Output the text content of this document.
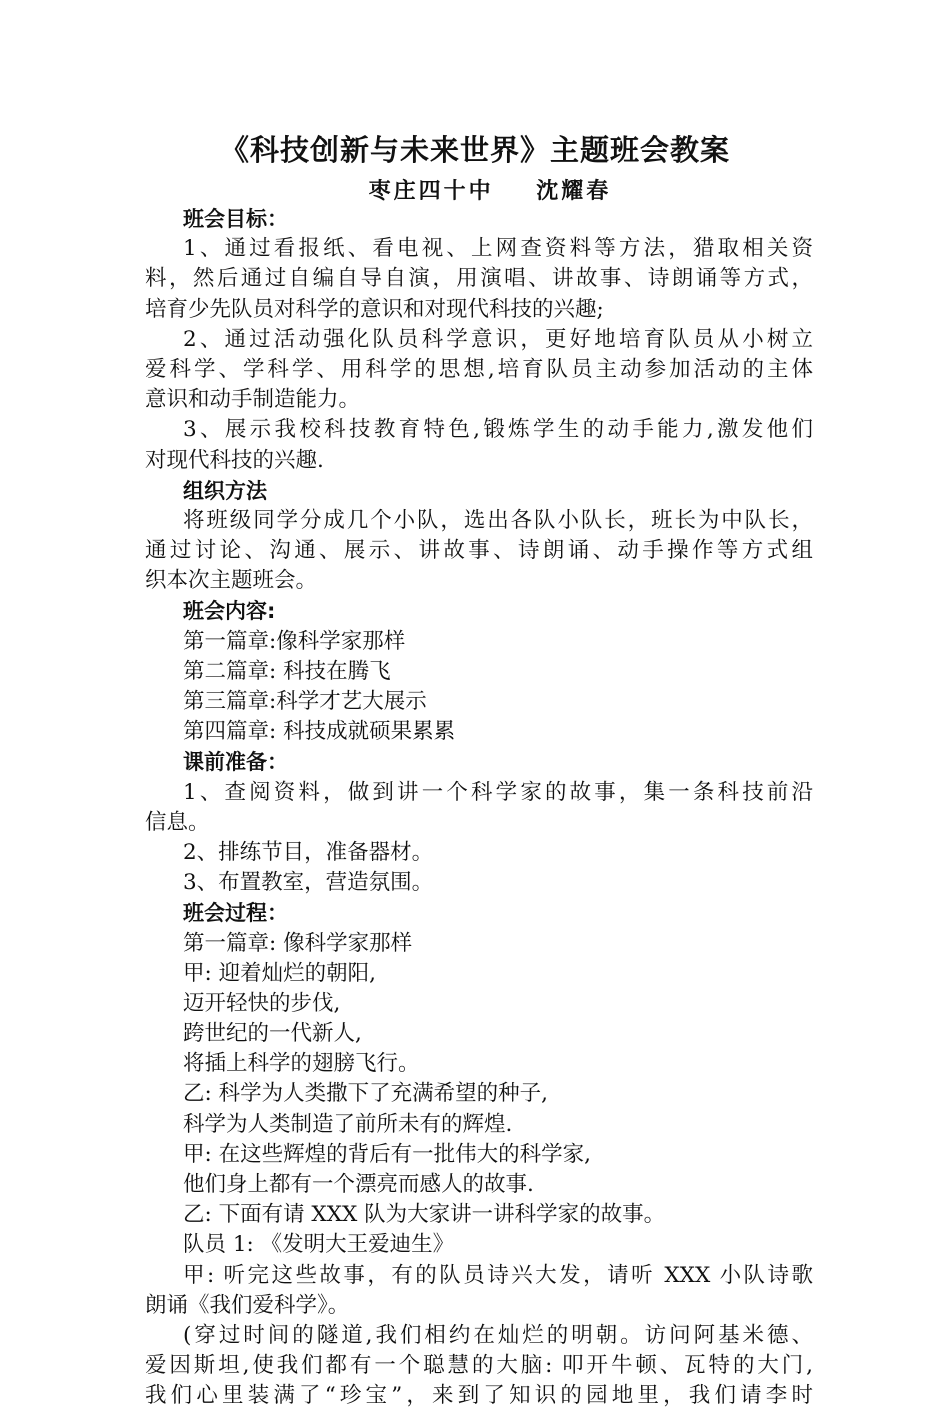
《科技创新与未来世界》主题班会教案
枣庄四十中    沈耀春
班会目标：
1、通过看报纸、看电视、上网查资料等方法，猎取相关资
料，然后通过自编自导自演，用演唱、讲故事、诗朗诵等方式，
培育少先队员对科学的意识和对现代科技的兴趣;
2、通过活动强化队员科学意识，更好地培育队员从小树立
爱科学、学科学、用科学的思想,培育队员主动参加活动的主体
意识和动手制造能力。
3、展示我校科技教育特色,锻炼学生的动手能力,激发他们
对现代科技的兴趣.
组织方法
将班级同学分成几个小队，选出各队小队长，班长为中队长，
通过讨论、沟通、展示、讲故事、诗朗诵、动手操作等方式组
织本次主题班会。
班会内容:
第一篇章:像科学家那样
第二篇章: 科技在腾飞
第三篇章:科学才艺大展示
第四篇章: 科技成就硕果累累
课前准备：
1、查阅资料，做到讲一个科学家的故事，集一条科技前沿
信息。
2、排练节目，准备器材。
3、布置教室，营造氛围。
班会过程：
第一篇章: 像科学家那样
甲: 迎着灿烂的朝阳,
迈开轻快的步伐,
跨世纪的一代新人,
将插上科学的翅膀飞行。
乙: 科学为人类撒下了充满希望的种子,
科学为人类制造了前所未有的辉煌.
甲: 在这些辉煌的背后有一批伟大的科学家,
他们身上都有一个漂亮而感人的故事.
乙: 下面有请 XXX 队为大家讲一讲科学家的故事。
队员 1: 《发明大王爱迪生》
甲: 听完这些故事，有的队员诗兴大发，请听 XXX 小队诗歌
朗诵《我们爱科学》。
(穿过时间的隧道,我们相约在灿烂的明朝。访问阿基米德、
爱因斯坦,使我们都有一个聪慧的大脑: 叩开牛顿、瓦特的大门,
我们心里装满了“珍宝”，来到了知识的园地里，我们请李时
